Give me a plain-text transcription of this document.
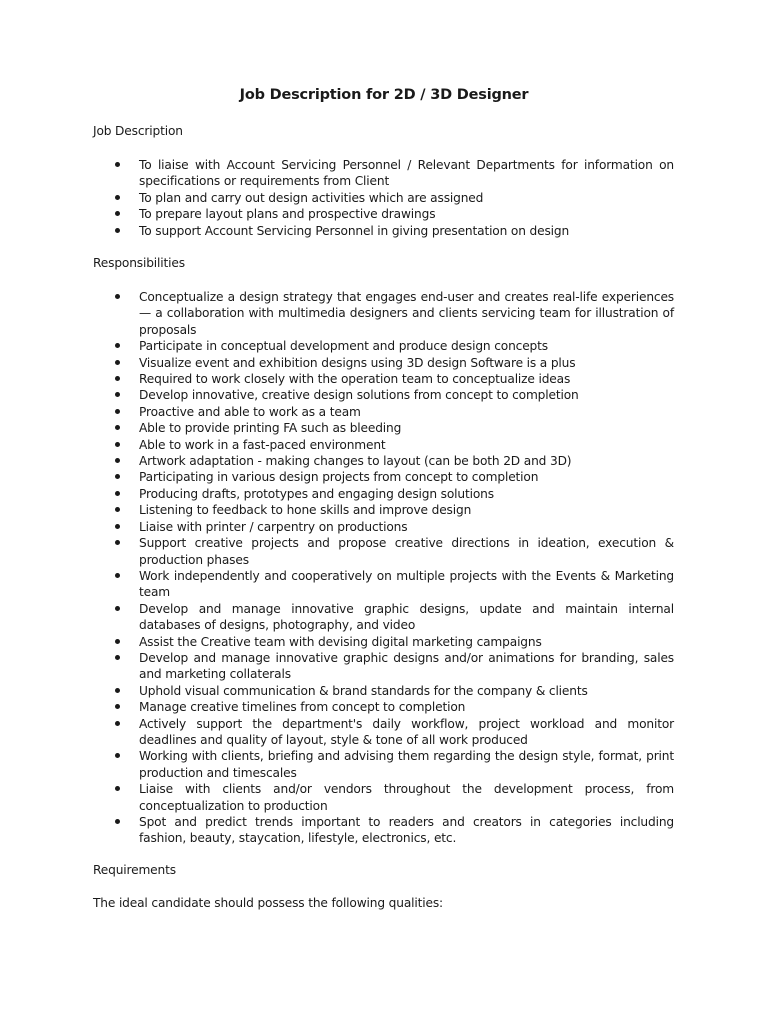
Job Description for 2D / 3D Designer
Job Description
To liaise with Account Servicing Personnel / Relevant Departments for information on specifications or requirements from Client
To plan and carry out design activities which are assigned
To prepare layout plans and prospective drawings
To support Account Servicing Personnel in giving presentation on design
Responsibilities
Conceptualize a design strategy that engages end-user and creates real-life experiences — a collaboration with multimedia designers and clients servicing team for illustration of proposals
Participate in conceptual development and produce design concepts
Visualize event and exhibition designs using 3D design Software is a plus
Required to work closely with the operation team to conceptualize ideas
Develop innovative, creative design solutions from concept to completion
Proactive and able to work as a team
Able to provide printing FA such as bleeding
Able to work in a fast-paced environment
Artwork adaptation - making changes to layout (can be both 2D and 3D)
Participating in various design projects from concept to completion
Producing drafts, prototypes and engaging design solutions
Listening to feedback to hone skills and improve design
Liaise with printer / carpentry on productions
Support creative projects and propose creative directions in ideation, execution & production phases
Work independently and cooperatively on multiple projects with the Events & Marketing team
Develop and manage innovative graphic designs, update and maintain internal databases of designs, photography, and video
Assist the Creative team with devising digital marketing campaigns
Develop and manage innovative graphic designs and/or animations for branding, sales and marketing collaterals
Uphold visual communication & brand standards for the company & clients
Manage creative timelines from concept to completion
Actively support the department's daily workflow, project workload and monitor deadlines and quality of layout, style & tone of all work produced
Working with clients, briefing and advising them regarding the design style, format, print production and timescales
Liaise with clients and/or vendors throughout the development process, from conceptualization to production
Spot and predict trends important to readers and creators in categories including fashion, beauty, staycation, lifestyle, electronics, etc.
Requirements
The ideal candidate should possess the following qualities:
